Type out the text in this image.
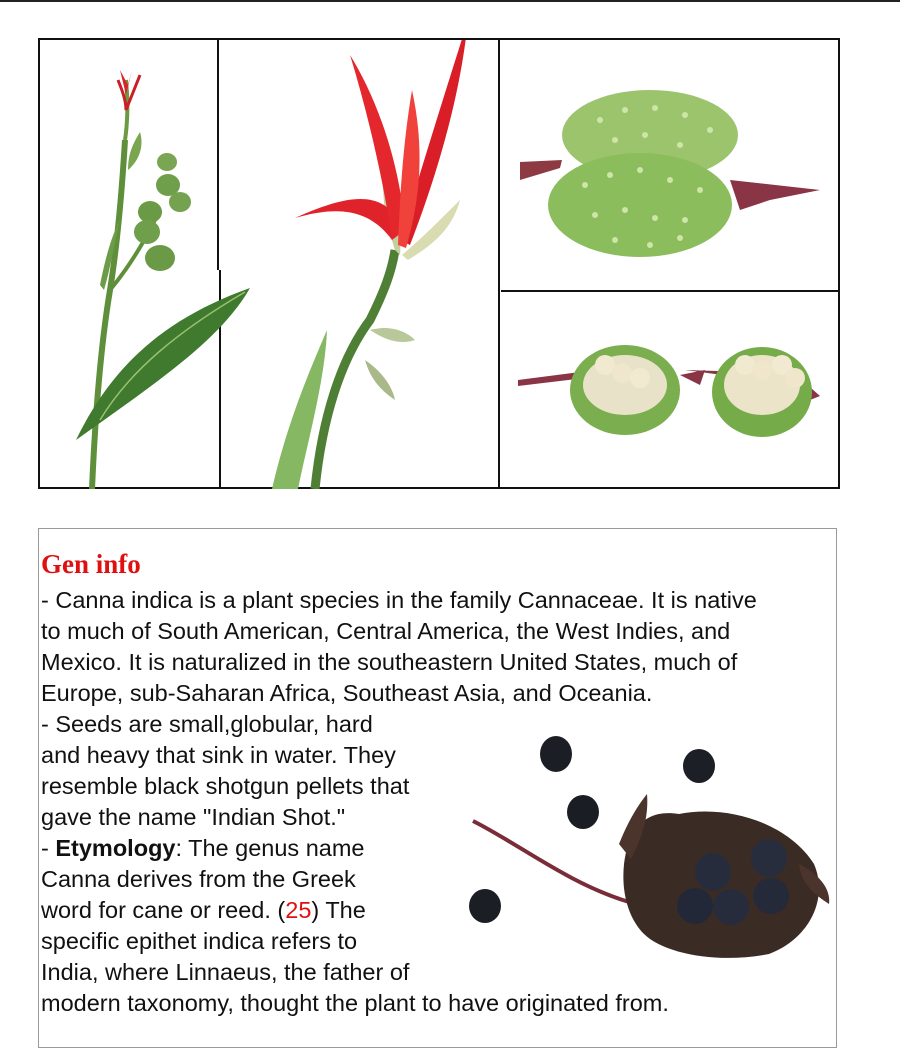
Gen info

- Canna indica is a plant species in the family Cannaceae. It is native
to much of South American, Central America, the West Indies, and
Mexico. It is naturalized in the southeastern United States, much of
Europe, sub-Saharan Africa, Southeast Asia, and Oceania.

- Seeds are small,globular, hard
and heavy that sink in water. They
resemble black shotgun pellets that
gave the name "Indian Shot."

- Etymology: The genus name
Canna derives from the Greek
word for cane or reed. (25) The
specific epithet indica refers to
India, where Linnaeus, the father of
modern taxonomy, thought the plant to have originated from.
